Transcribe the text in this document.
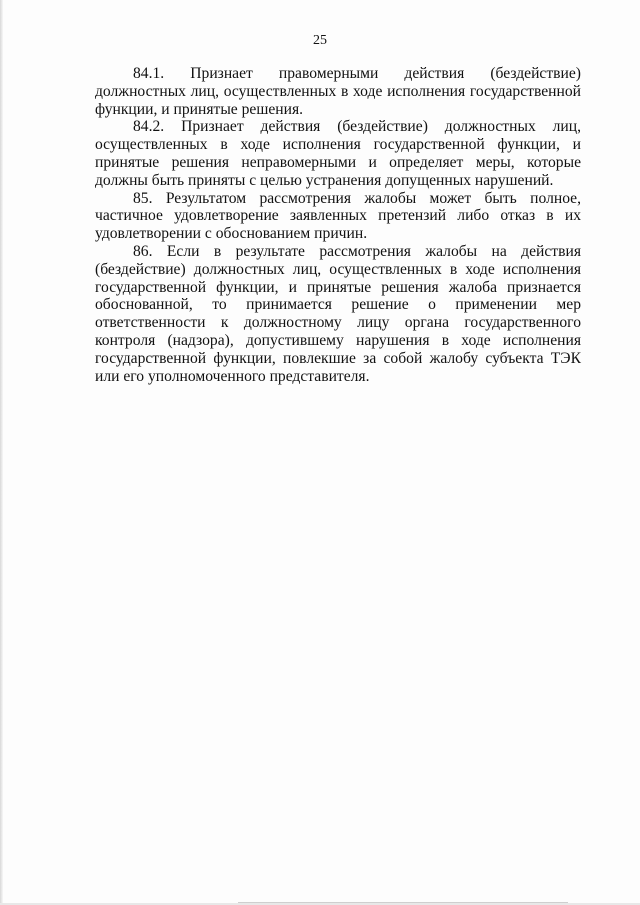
25

84.1. Признает правомерными действия (бездействие) должностных лиц, осуществленных в ходе исполнения государственной функции, и принятые решения.

84.2. Признает действия (бездействие) должностных лиц, осуществленных в ходе исполнения государственной функции, и принятые решения неправомерными и определяет меры, которые должны быть приняты с целью устранения допущенных нарушений.

85. Результатом рассмотрения жалобы может быть полное, частичное удовлетворение заявленных претензий либо отказ в их удовлетворении с обоснованием причин.

86. Если в результате рассмотрения жалобы на действия (бездействие) должностных лиц, осуществленных в ходе исполнения государственной функции, и принятые решения жалоба признается обоснованной, то принимается решение о применении мер ответственности к должностному лицу органа государственного контроля (надзора), допустившему нарушения в ходе исполнения государственной функции, повлекшие за собой жалобу субъекта ТЭК

или его уполномоченного представителя.
